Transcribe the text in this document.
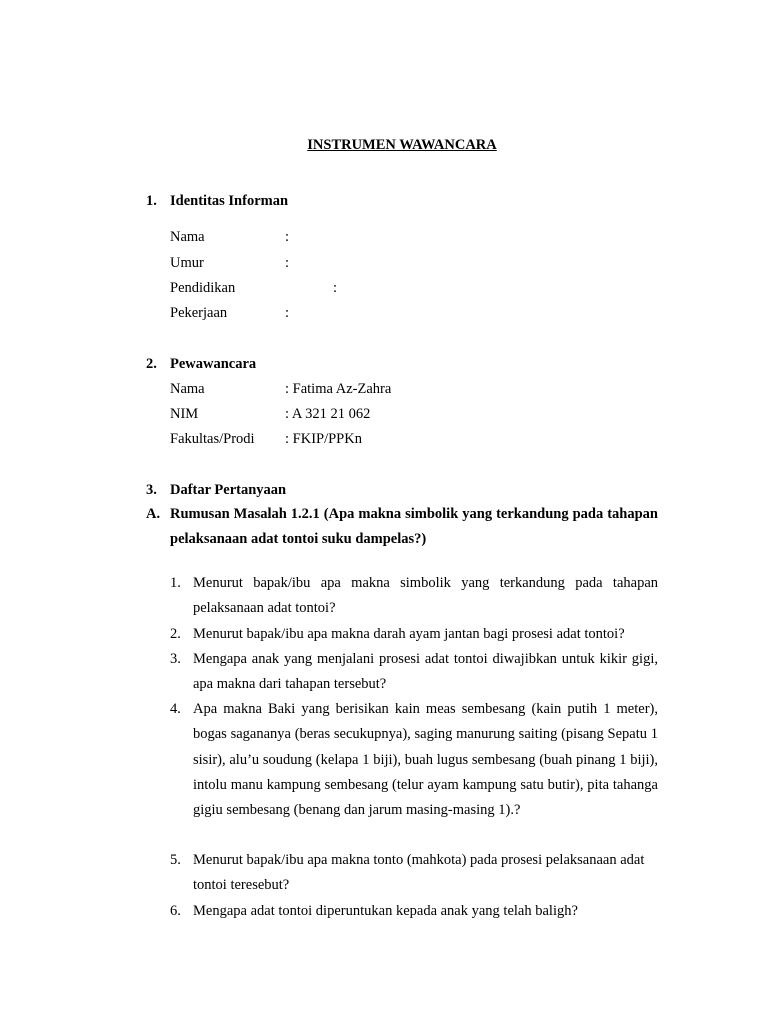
INSTRUMEN WAWANCARA
1. Identitas Informan
Nama	:
Umur	:
Pendidikan	:
Pekerjaan	:
2. Pewawancara
Nama	: Fatima Az-Zahra
NIM	: A 321 21 062
Fakultas/Prodi : FKIP/PPKn
3. Daftar Pertanyaan
A. Rumusan Masalah 1.2.1 (Apa makna simbolik yang terkandung pada tahapan pelaksanaan adat tontoi suku dampelas?)
1. Menurut bapak/ibu apa makna simbolik yang terkandung pada tahapan pelaksanaan adat tontoi?
2. Menurut bapak/ibu apa makna darah ayam jantan bagi prosesi adat tontoi?
3. Mengapa anak yang menjalani prosesi adat tontoi diwajibkan untuk kikir gigi, apa makna dari tahapan tersebut?
4. Apa makna Baki yang berisikan kain meas sembesang (kain putih 1 meter), bogas sagananya (beras secukupnya), saging manurung saiting (pisang Sepatu 1 sisir), alu’u soudung (kelapa 1 biji), buah lugus sembesang (buah pinang 1 biji), intolu manu kampung sembesang (telur ayam kampung satu butir), pita tahanga gigiu sembesang (benang dan jarum masing-masing 1).?
5. Menurut bapak/ibu apa makna tonto (mahkota) pada prosesi pelaksanaan adat tontoi teresebut?
6. Mengapa adat tontoi diperuntukan kepada anak yang telah baligh?
